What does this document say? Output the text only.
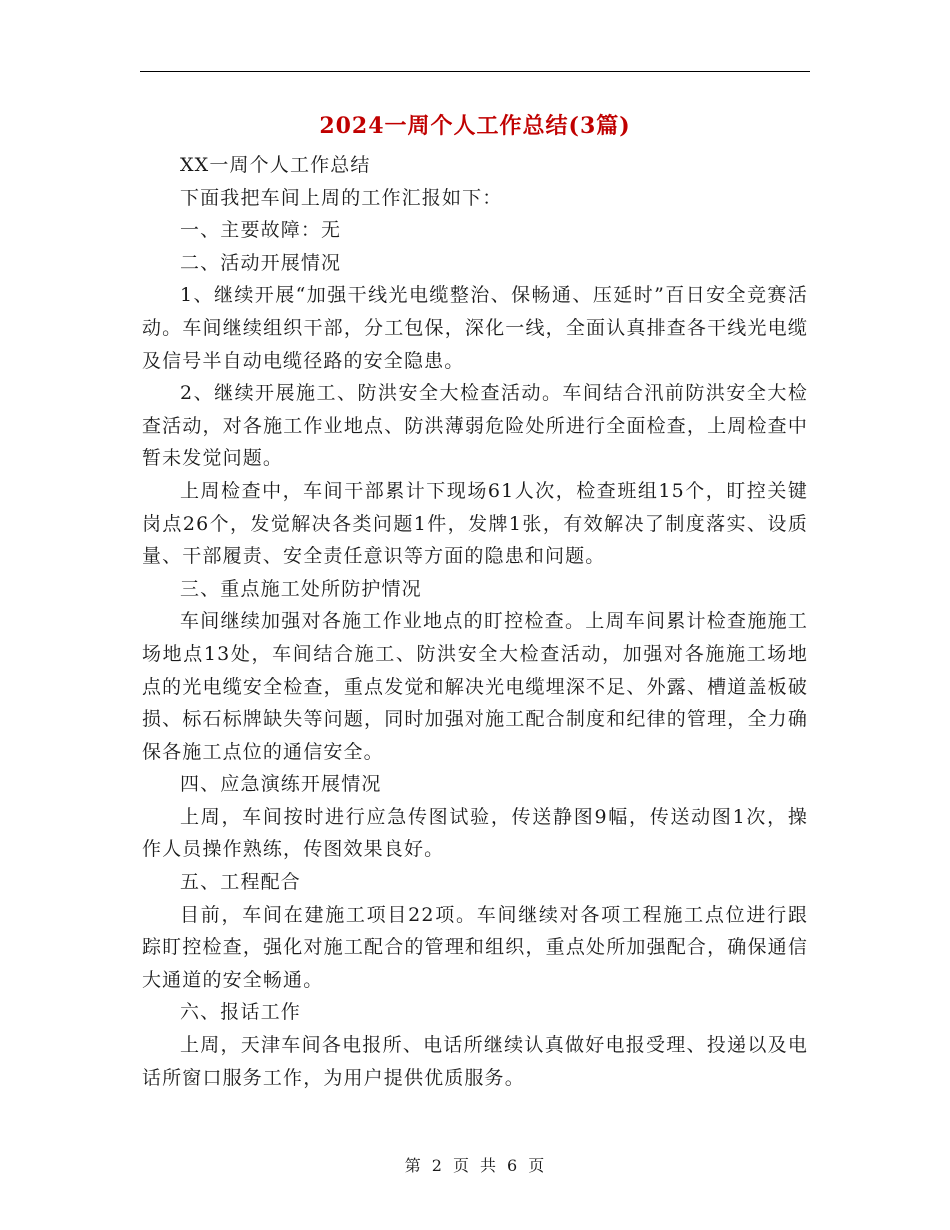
2024一周个人工作总结(3篇)

XX一周个人工作总结

下面我把车间上周的工作汇报如下：

一、主要故障：无

二、活动开展情况

1、继续开展“加强干线光电缆整治、保畅通、压延时”百日安全竞赛活动。车间继续组织干部，分工包保，深化一线，全面认真排查各干线光电缆及信号半自动电缆径路的安全隐患。

2、继续开展施工、防洪安全大检查活动。车间结合汛前防洪安全大检查活动，对各施工作业地点、防洪薄弱危险处所进行全面检查，上周检查中暂未发觉问题。

上周检查中，车间干部累计下现场61人次，检查班组15个，盯控关键岗点26个，发觉解决各类问题1件，发牌1张，有效解决了制度落实、设质量、干部履责、安全责任意识等方面的隐患和问题。

三、重点施工处所防护情况

车间继续加强对各施工作业地点的盯控检查。上周车间累计检查施施工场地点13处，车间结合施工、防洪安全大检查活动，加强对各施施工场地点的光电缆安全检查，重点发觉和解决光电缆埋深不足、外露、槽道盖板破损、标石标牌缺失等问题，同时加强对施工配合制度和纪律的管理，全力确保各施工点位的通信安全。

四、应急演练开展情况

上周，车间按时进行应急传图试验，传送静图9幅，传送动图1次，操作人员操作熟练，传图效果良好。

五、工程配合

目前，车间在建施工项目22项。车间继续对各项工程施工点位进行跟踪盯控检查，强化对施工配合的管理和组织，重点处所加强配合，确保通信大通道的安全畅通。

六、报话工作

上周，天津车间各电报所、电话所继续认真做好电报受理、投递以及电话所窗口服务工作，为用户提供优质服务。

第 2 页 共 6 页
